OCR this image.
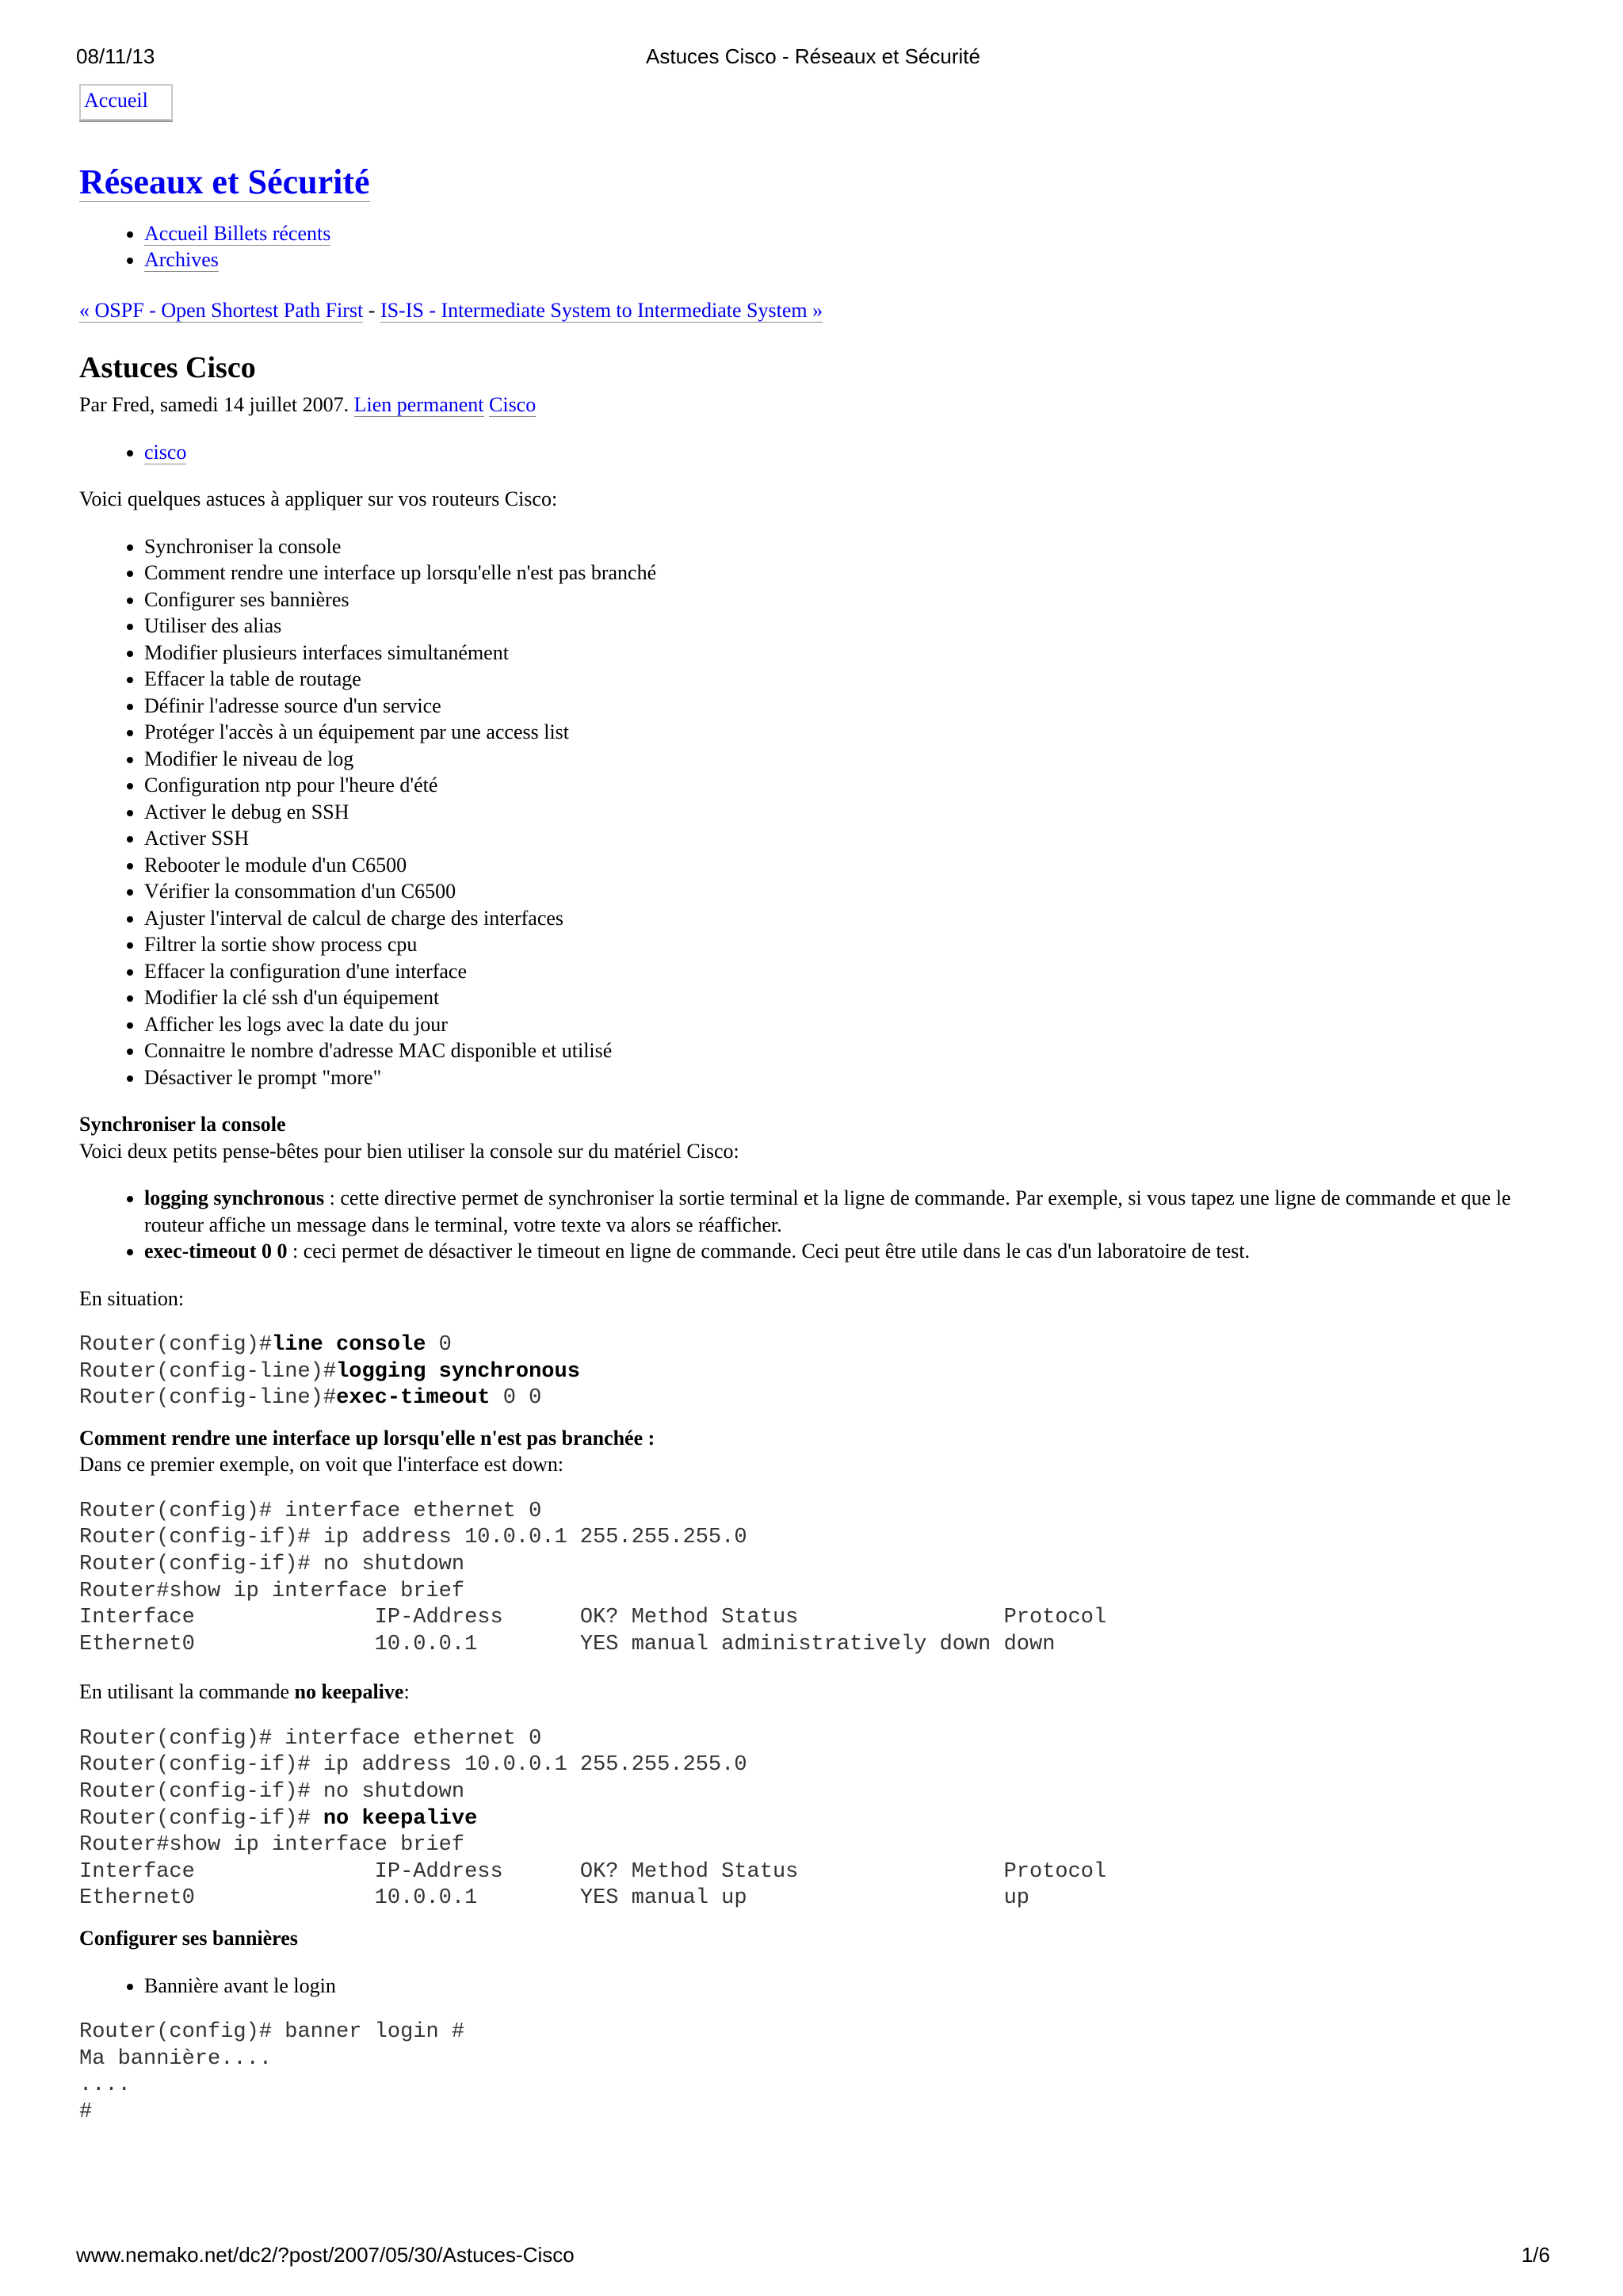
08/11/13	Astuces Cisco - Réseaux et Sécurité
Accueil
Réseaux et Sécurité
• Accueil Billets récents
• Archives

« OSPF - Open Shortest Path First - IS-IS - Intermediate System to Intermediate System »

Astuces Cisco

Par Fred, samedi 14 juillet 2007. Lien permanent Cisco

• cisco

Voici quelques astuces à appliquer sur vos routeurs Cisco:

• Synchroniser la console
• Comment rendre une interface up lorsqu'elle n'est pas branché
• Configurer ses bannières
• Utiliser des alias
• Modifier plusieurs interfaces simultanément
• Effacer la table de routage
• Définir l'adresse source d'un service
• Protéger l'accès à un équipement par une access list
• Modifier le niveau de log
• Configuration ntp pour l'heure d'été
• Activer le debug en SSH
• Activer SSH
• Rebooter le module d'un C6500
• Vérifier la consommation d'un C6500
• Ajuster l'interval de calcul de charge des interfaces
• Filtrer la sortie show process cpu
• Effacer la configuration d'une interface
• Modifier la clé ssh d'un équipement
• Afficher les logs avec la date du jour
• Connaitre le nombre d'adresse MAC disponible et utilisé
• Désactiver le prompt "more"

Synchroniser la console

Voici deux petits pense-bêtes pour bien utiliser la console sur du matériel Cisco:

• logging synchronous : cette directive permet de synchroniser la sortie terminal et la ligne de commande. Par exemple, si vous tapez une ligne de commande et que le routeur affiche un message dans le terminal, votre texte va alors se réafficher.
• exec-timeout 0 0 : ceci permet de désactiver le timeout en ligne de commande. Ceci peut être utile dans le cas d'un laboratoire de test.

En situation:

Router(config)#line console 0
Router(config-line)#logging synchronous
Router(config-line)#exec-timeout 0 0

Comment rendre une interface up lorsqu'elle n'est pas branchée :

Dans ce premier exemple, on voit que l'interface est down:

Router(config)# interface ethernet 0
Router(config-if)# ip address 10.0.0.1 255.255.255.0
Router(config-if)# no shutdown
Router#show ip interface brief
Interface              IP-Address      OK? Method Status                Protocol
Ethernet0              10.0.0.1        YES manual administratively down down

En utilisant la commande no keepalive:

Router(config)# interface ethernet 0
Router(config-if)# ip address 10.0.0.1 255.255.255.0
Router(config-if)# no shutdown
Router(config-if)# no keepalive
Router#show ip interface brief
Interface              IP-Address      OK? Method Status                Protocol
Ethernet0              10.0.0.1        YES manual up                    up

Configurer ses bannières

• Bannière avant le login
Router(config)# banner login #
Ma bannière....
....
#
www.nemako.net/dc2/?post/2007/05/30/Astuces-Cisco	1/6
